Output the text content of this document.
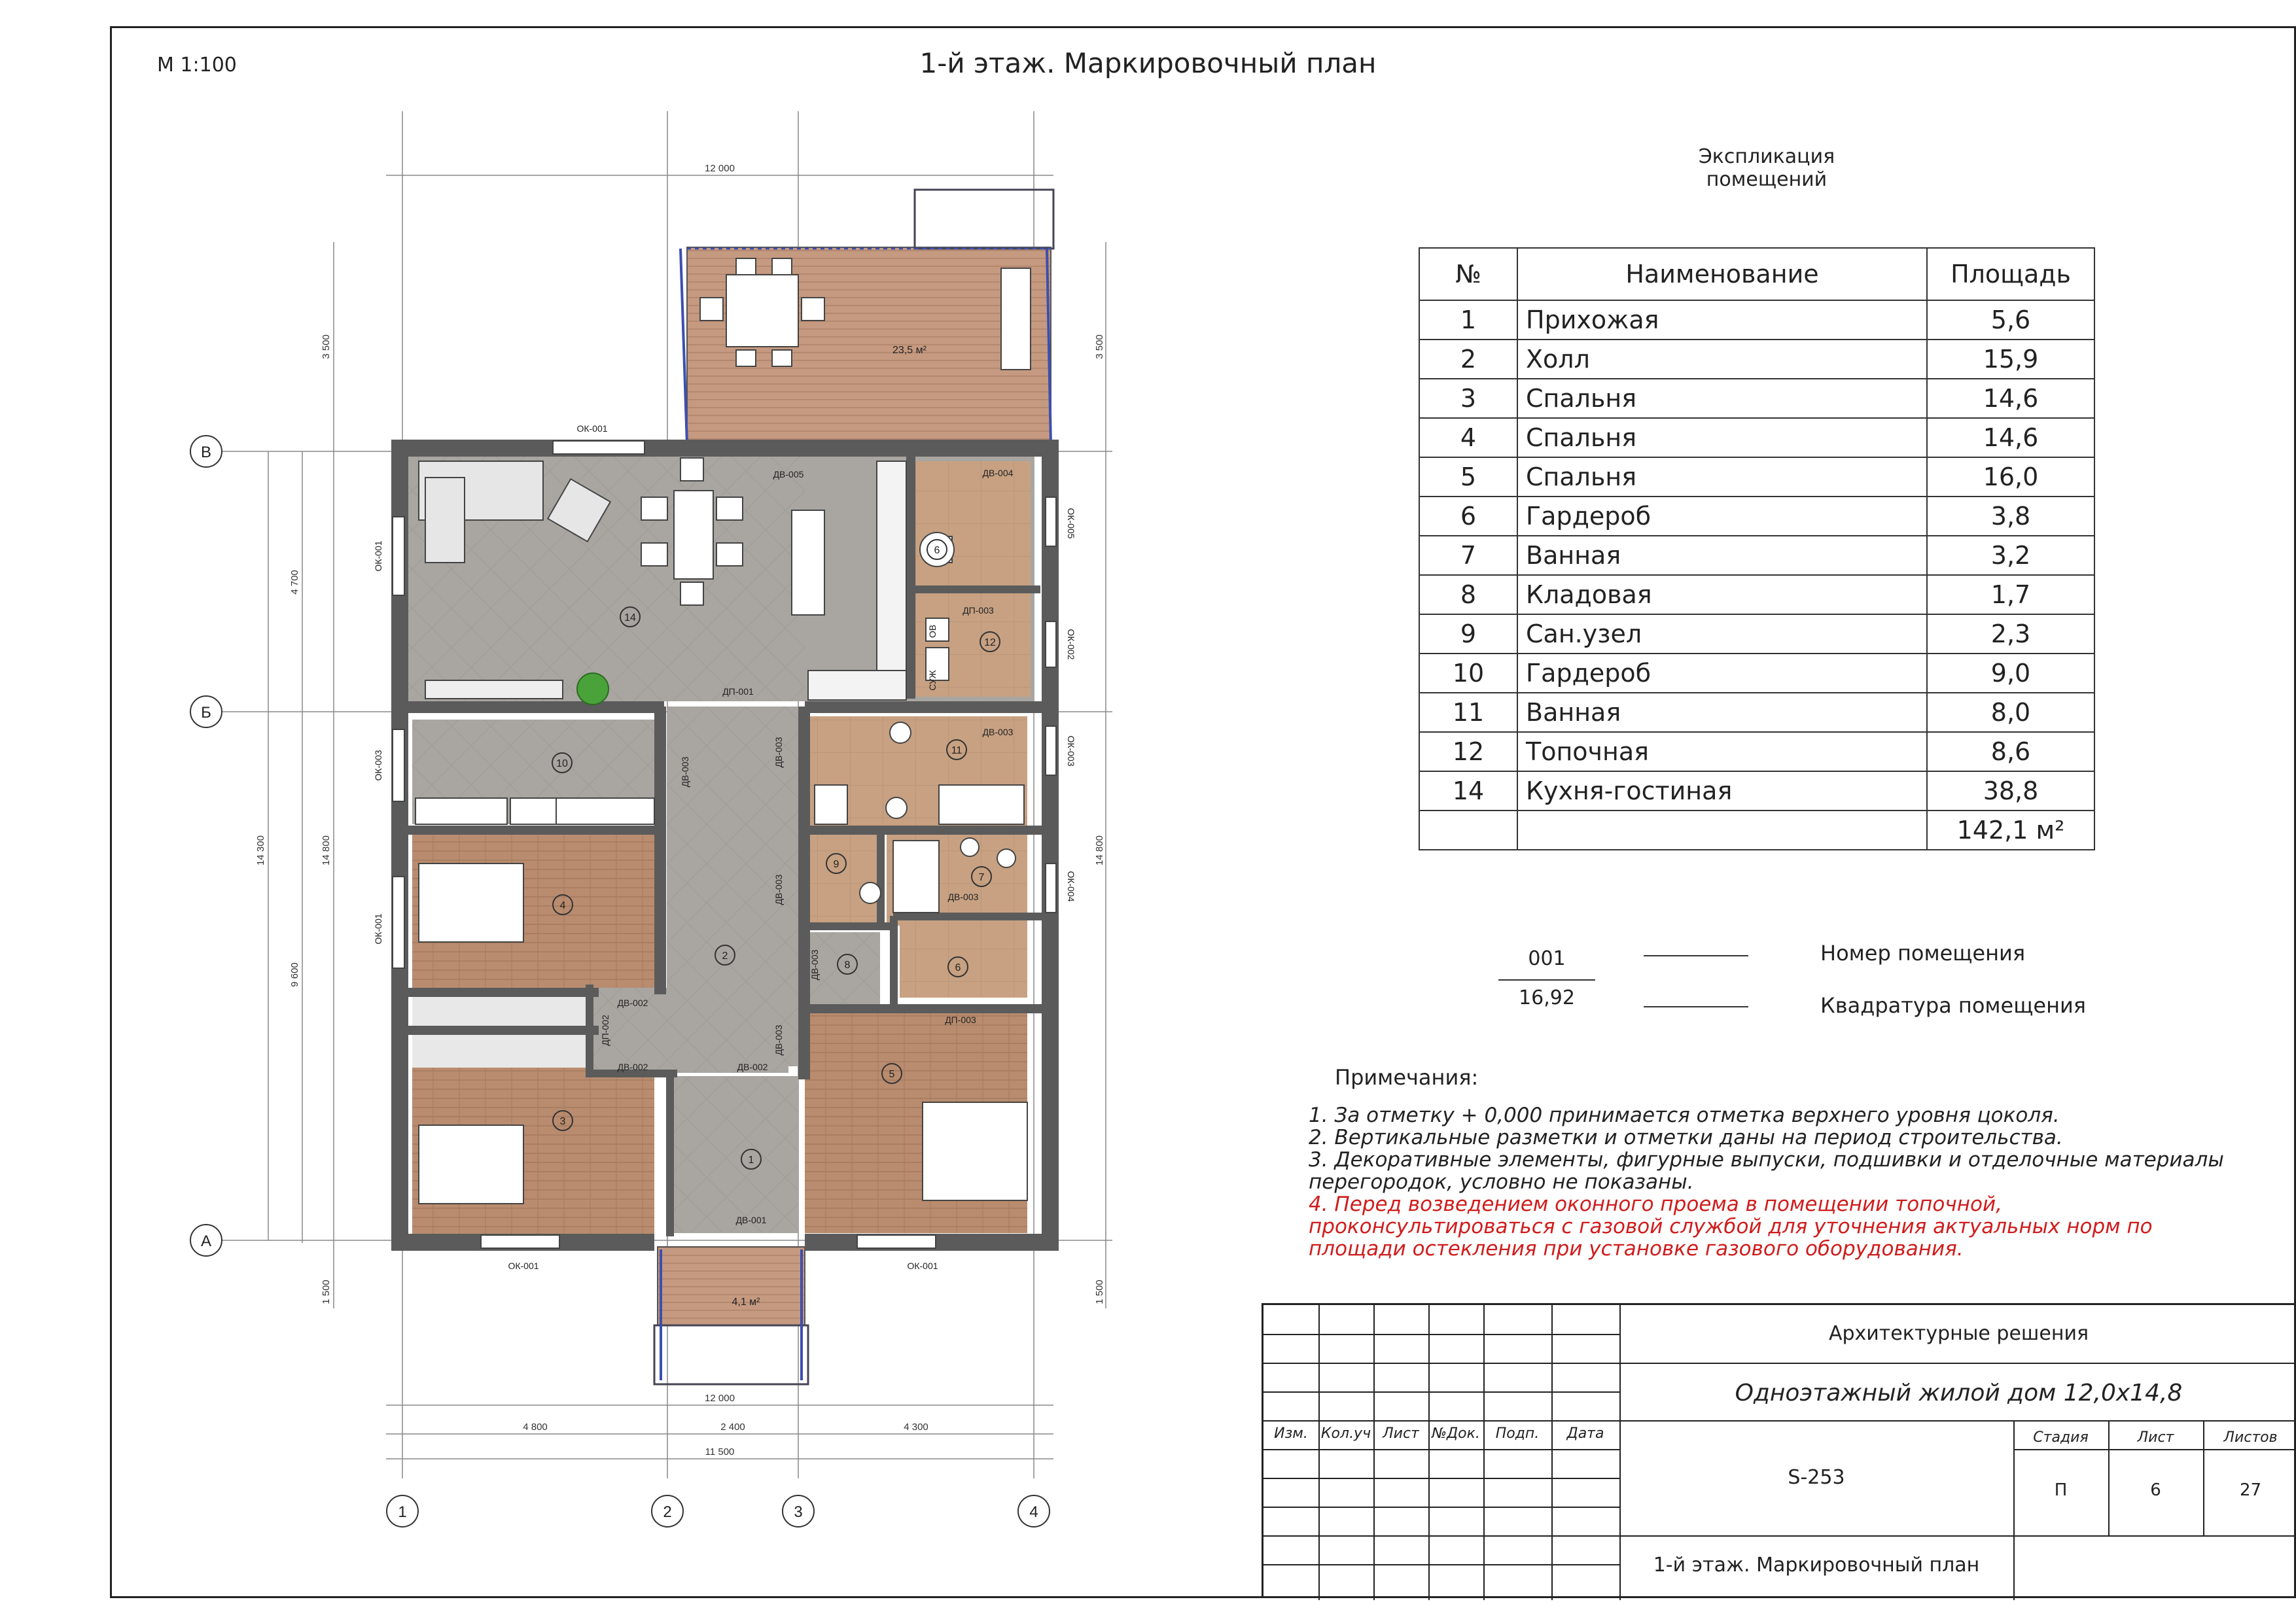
М 1:100	1-й этаж. Маркировочный план
14
6
12
11
10
9
7
4
2
8	6
5
3
1
23,5 м²
4,1 м²
ОК-001
ДВ-005	ДВ-004
ДП-003
ДП-001
ДВ-003
ДВ-003
ДВ-002
ДВ-002	ДВ-002
ДП-003
ДВ-001
ОК-001	ОК-001
ОК-005
ОК-001
ОК-002
ОК-003	ОК-003
ДВ-003
ДВ-003
ДВ-003	ОК-004
ОК-001
ДВ-003
ДП-002	ДВ-003
СУЖ
ОВ
12 000
12 000
4 800	2 400	4 300
11 500
14 300
4 700
9 600
14 800
3 500
1 500
3 500
14 800
1 500
В
Б
А
1	2	3	4
Экспликация помещений
№	Наименование	Площадь
1	Прихожая	5,6
2	Холл	15,9
3	Спальня	14,6
4	Спальня	14,6
5	Спальня	16,0
6	Гардероб	3,8
7	Ванная	3,2
8	Кладовая	1,7
9	Сан.узел	2,3
10	Гардероб	9,0
11	Ванная	8,0
12	Топочная	8,6
14	Кухня-гостиная	38,8
		142,1 м²
001
16,92
Номер помещения
Квадратура помещения
Примечания:
1. За отметку + 0,000 принимается отметка верхнего уровня цоколя.
2. Вертикальные разметки и отметки даны на период строительства.
3. Декоративные элементы, фигурные выпуски, подшивки и отделочные материалы
перегородок, условно не показаны.
4. Перед возведением оконного проема в помещении топочной,
проконсультироваться с газовой службой для уточнения актуальных норм по
площади остекления при установке газового оборудования.
Изм. Кол.уч Лист №Док.	Подп.	Дата
Архитектурные решения
Одноэтажный жилой дом 12,0х14,8
S-253
Стадия	Лист	Листов
П	6	27
1-й этаж. Маркировочный план
